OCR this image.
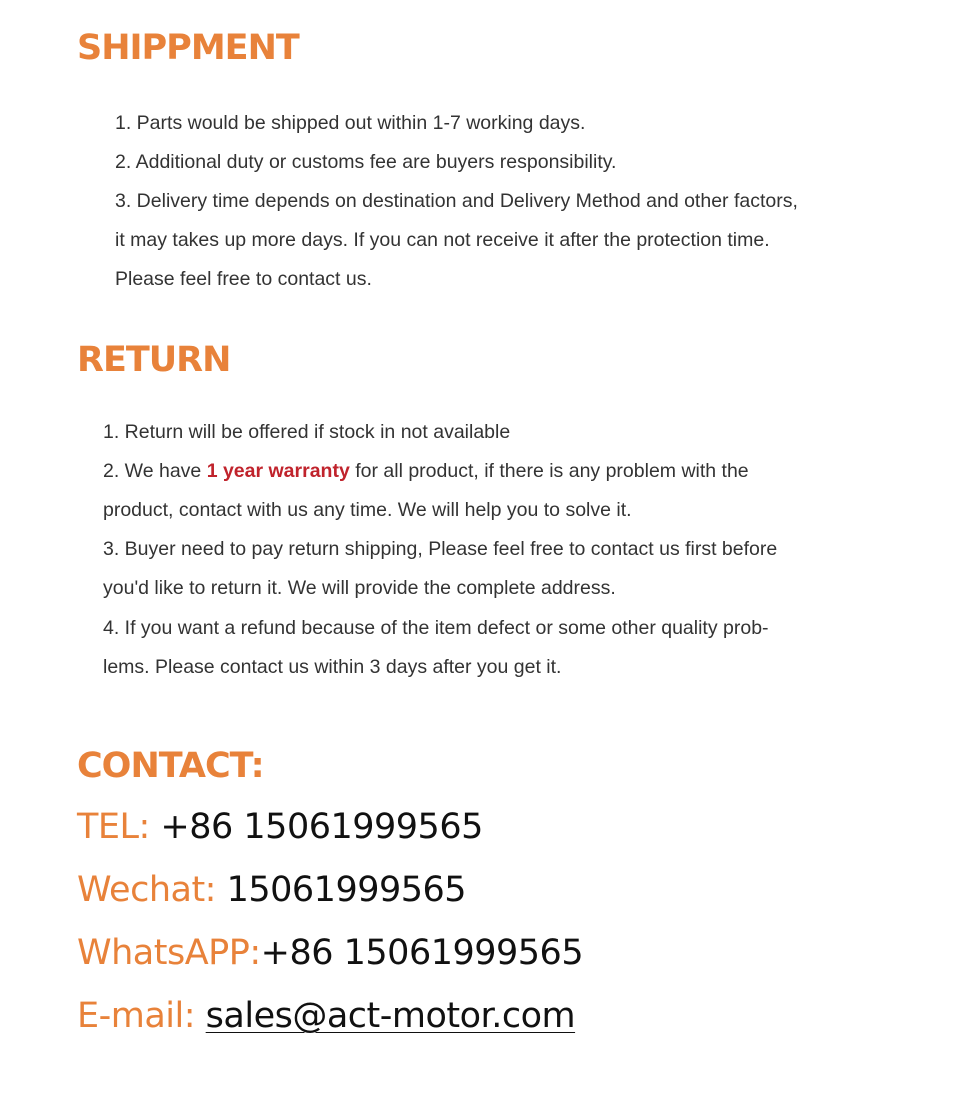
SHIPPMENT
1. Parts would be shipped out within 1-7 working days.
2. Additional duty or customs fee are buyers responsibility.
3. Delivery time depends on destination and Delivery Method and other factors,
it may takes up more days. If you can not receive it after the protection time.
Please feel free to contact us.
RETURN
1. Return will be offered if stock in not available
2. We have 1 year warranty for all product, if there is any problem with the
product, contact with us any time. We will help you to solve it.
3. Buyer need to pay return shipping, Please feel free to contact us first before
you'd like to return it. We will provide the complete address.
4. If you want a refund because of the item defect or some other quality prob-
lems. Please contact us within 3 days after you get it.
CONTACT:
TEL: +86 15061999565
Wechat: 15061999565
WhatsAPP:+86 15061999565
E-mail: sales@act-motor.com
